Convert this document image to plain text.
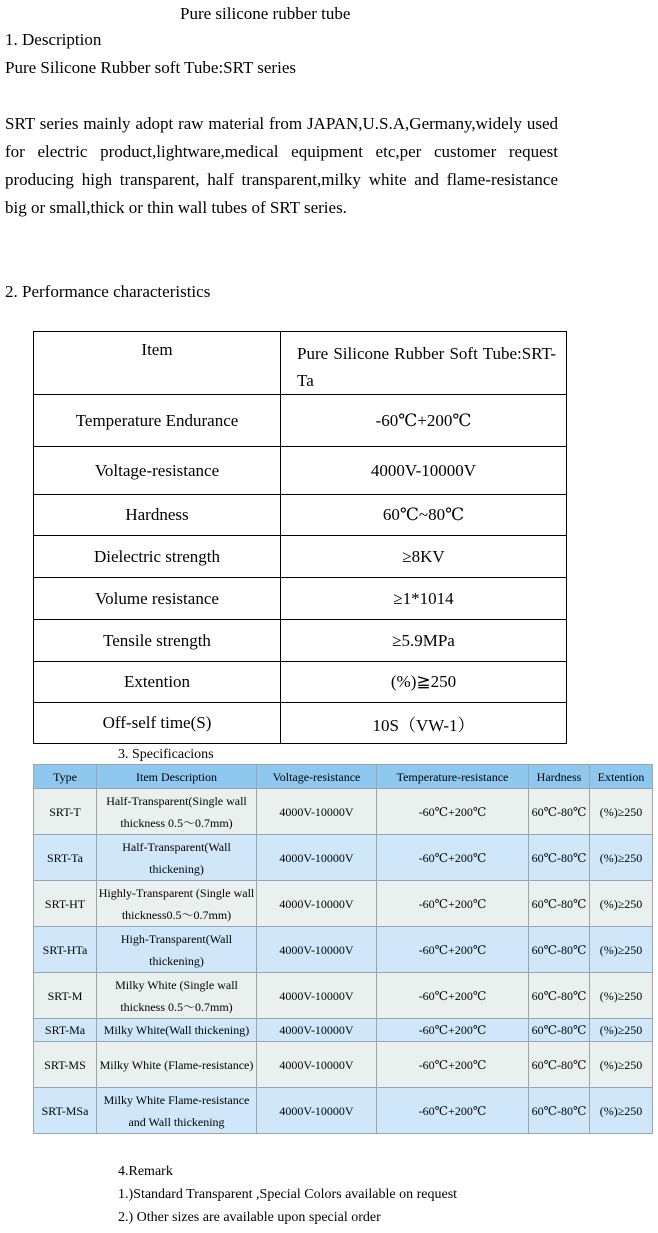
Pure silicone rubber tube
1. Description
Pure Silicone Rubber soft Tube:SRT series
SRT series mainly adopt raw material from JAPAN,U.S.A,Germany,widely used for electric product,lightware,medical equipment etc,per customer request producing high transparent, half transparent,milky white and flame-resistance big or small,thick or thin wall tubes of SRT series.
2. Performance characteristics
Item	Pure Silicone Rubber Soft Tube:SRT-Ta
Temperature Endurance	-60℃+200℃
Voltage-resistance	4000V-10000V
Hardness	60℃~80℃
Dielectric strength	≥8KV
Volume resistance	≥1*1014
Tensile strength	≥5.9MPa
Extention	(%)≧250
Off-self time(S)	10S（VW-1）
3. Specificacions
Type	Item Description	Voltage-resistance	Temperature-resistance	Hardness	Extention
SRT-T	Half-Transparent(Single wall thickness 0.5～0.7mm)	4000V-10000V	-60℃+200℃	60℃-80℃	(%)≥250
SRT-Ta	Half-Transparent(Wall thickening)	4000V-10000V	-60℃+200℃	60℃-80℃	(%)≥250
SRT-HT	Highly-Transparent (Single wall thickness0.5～0.7mm)	4000V-10000V	-60℃+200℃	60℃-80℃	(%)≥250
SRT-HTa	High-Transparent(Wall thickening)	4000V-10000V	-60℃+200℃	60℃-80℃	(%)≥250
SRT-M	Milky White (Single wall thickness 0.5～0.7mm)	4000V-10000V	-60℃+200℃	60℃-80℃	(%)≥250
SRT-Ma	Milky White(Wall thickening)	4000V-10000V	-60℃+200℃	60℃-80℃	(%)≥250
SRT-MS	Milky White (Flame-resistance)	4000V-10000V	-60℃+200℃	60℃-80℃	(%)≥250
SRT-MSa	Milky White Flame-resistance and Wall thickening	4000V-10000V	-60℃+200℃	60℃-80℃	(%)≥250
4.Remark
1.)Standard Transparent ,Special Colors available on request
2.) Other sizes are available upon special order
